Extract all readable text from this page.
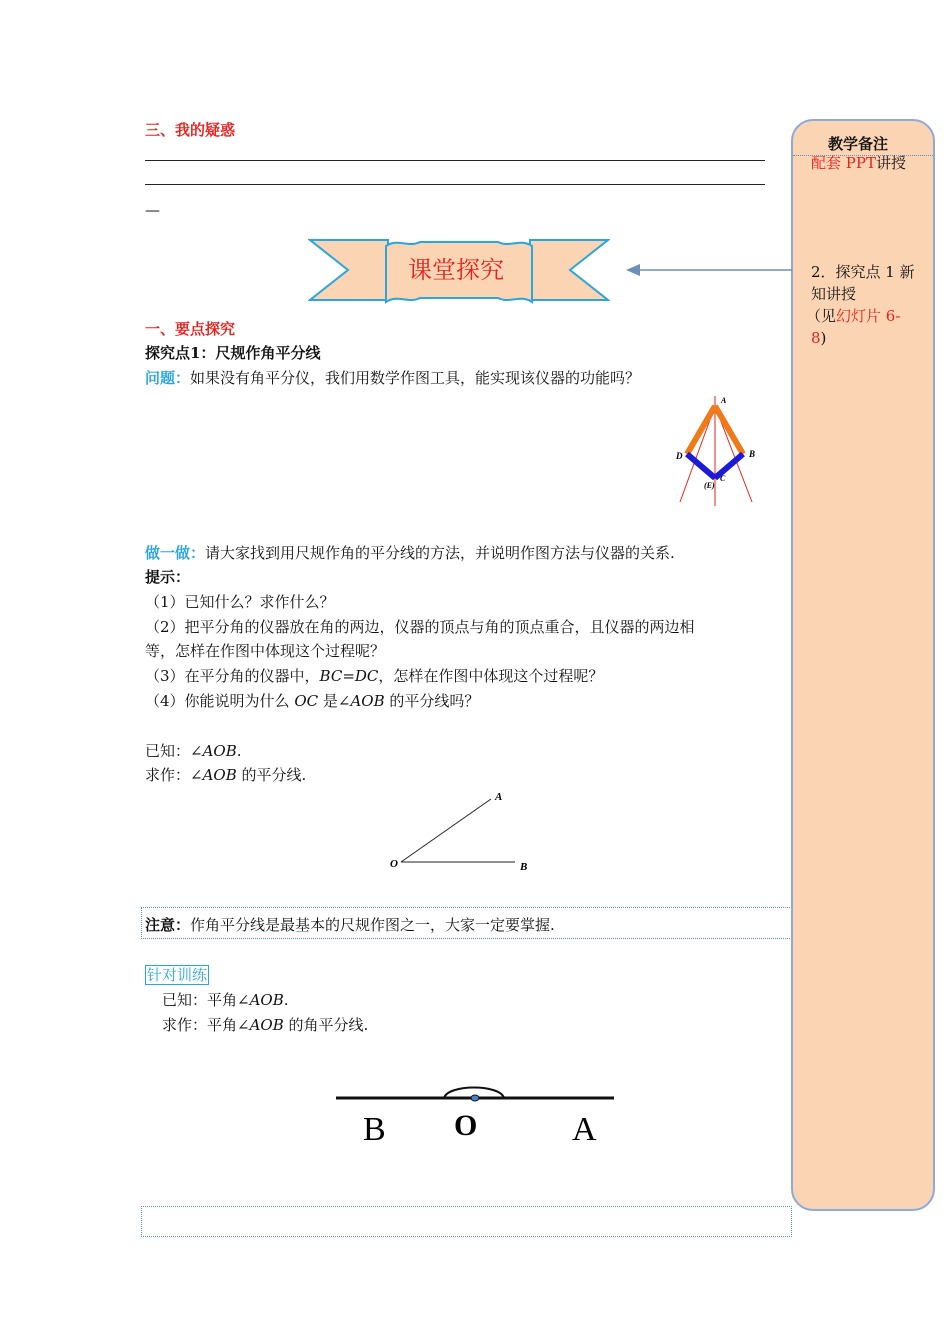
三、我的疑惑
—
课堂探究
一、要点探究
探究点1：尺规作角平分线
问题：如果没有角平分仪，我们用数学作图工具，能实现该仪器的功能吗？
A
D	B
C
(E)
做一做：请大家找到用尺规作角的平分线的方法，并说明作图方法与仪器的关系.
提示：
（1）已知什么？求作什么？
（2）把平分角的仪器放在角的两边，仪器的顶点与角的顶点重合，且仪器的两边相
等，怎样在作图中体现这个过程呢？
（3）在平分角的仪器中，BC=DC，怎样在作图中体现这个过程呢？
（4）你能说明为什么 OC 是∠AOB 的平分线吗？
已知：∠AOB.
求作：∠AOB 的平分线.
A
O	B
注意：作角平分线是最基本的尺规作图之一，大家一定要掌握.
针对训练
已知：平角∠AOB.
求作：平角∠AOB 的角平分线.
B O	A
教学备注
配套 PPT讲授
2．探究点 1 新
知讲授
（见幻灯片 6-
8)
